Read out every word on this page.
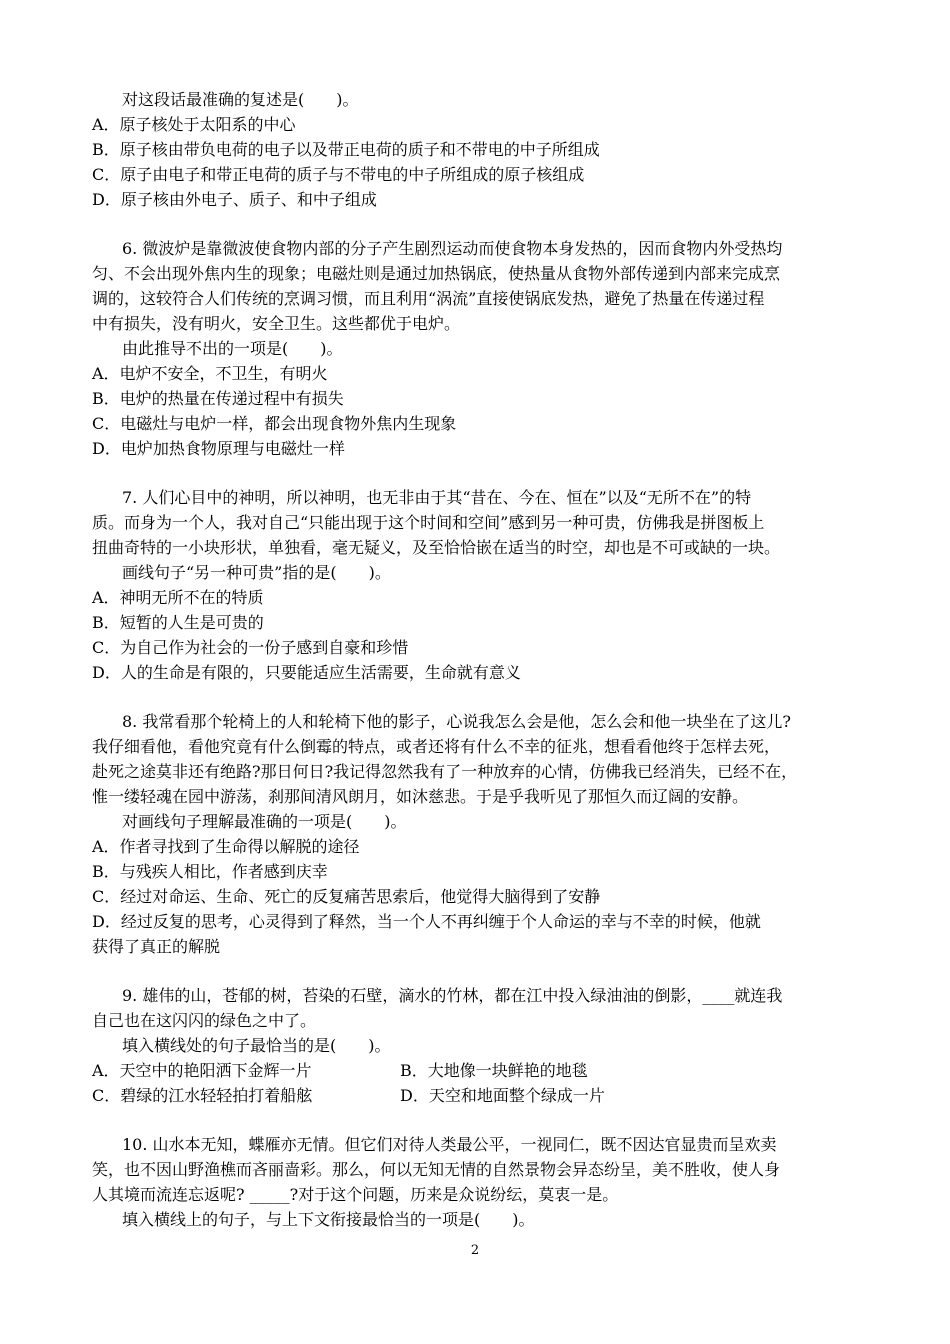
对这段话最准确的复述是(　　)。

A．原子核处于太阳系的中心

B．原子核由带负电荷的电子以及带正电荷的质子和不带电的中子所组成

C．原子由电子和带正电荷的质子与不带电的中子所组成的原子核组成

D．原子核由外电子、质子、和中子组成

6. 微波炉是靠微波使食物内部的分子产生剧烈运动而使食物本身发热的，因而食物内外受热均

匀、不会出现外焦内生的现象；电磁灶则是通过加热锅底，使热量从食物外部传递到内部来完成烹

调的，这较符合人们传统的烹调习惯，而且利用“涡流”直接使锅底发热，避免了热量在传递过程

中有损失，没有明火，安全卫生。这些都优于电炉。

由此推导不出的一项是(　　)。

A．电炉不安全，不卫生，有明火

B．电炉的热量在传递过程中有损失

C．电磁灶与电炉一样，都会出现食物外焦内生现象

D．电炉加热食物原理与电磁灶一样

7. 人们心目中的神明，所以神明，也无非由于其“昔在、今在、恒在”以及“无所不在”的特

质。而身为一个人，我对自己“只能出现于这个时间和空间”感到另一种可贵，仿佛我是拼图板上

扭曲奇特的一小块形状，单独看，毫无疑义，及至恰恰嵌在适当的时空，却也是不可或缺的一块。

画线句子“另一种可贵”指的是(　　)。

A．神明无所不在的特质

B．短暂的人生是可贵的

C．为自己作为社会的一份子感到自豪和珍惜

D．人的生命是有限的，只要能适应生活需要，生命就有意义

8. 我常看那个轮椅上的人和轮椅下他的影子，心说我怎么会是他，怎么会和他一块坐在了这儿?

我仔细看他，看他究竟有什么倒霉的特点，或者还将有什么不幸的征兆，想看看他终于怎样去死，

赴死之途莫非还有绝路?那日何日?我记得忽然我有了一种放弃的心情，仿佛我已经消失，已经不在，

惟一缕轻魂在园中游荡，刹那间清风朗月，如沐慈悲。于是乎我听见了那恒久而辽阔的安静。

对画线句子理解最准确的一项是(　　)。

A．作者寻找到了生命得以解脱的途径

B．与残疾人相比，作者感到庆幸

C．经过对命运、生命、死亡的反复痛苦思索后，他觉得大脑得到了安静

D．经过反复的思考，心灵得到了释然，当一个人不再纠缠于个人命运的幸与不幸的时候，他就

获得了真正的解脱

9. 雄伟的山，苍郁的树，苔染的石壁，滴水的竹林，都在江中投入绿油油的倒影，____就连我

自己也在这闪闪的绿色之中了。

填入横线处的句子最恰当的是(　　)。

A．天空中的艳阳洒下金辉一片	B．大地像一块鲜艳的地毯

C．碧绿的江水轻轻拍打着船舷	D．天空和地面整个绿成一片

10. 山水本无知，蝶雁亦无情。但它们对待人类最公平，一视同仁，既不因达官显贵而呈欢卖

笑，也不因山野渔樵而吝丽啬彩。那么，何以无知无情的自然景物会异态纷呈，美不胜收，使人身

人其境而流连忘返呢? _____?对于这个问题，历来是众说纷纭，莫衷一是。

填入横线上的句子，与上下文衔接最恰当的一项是(　　)。

2
